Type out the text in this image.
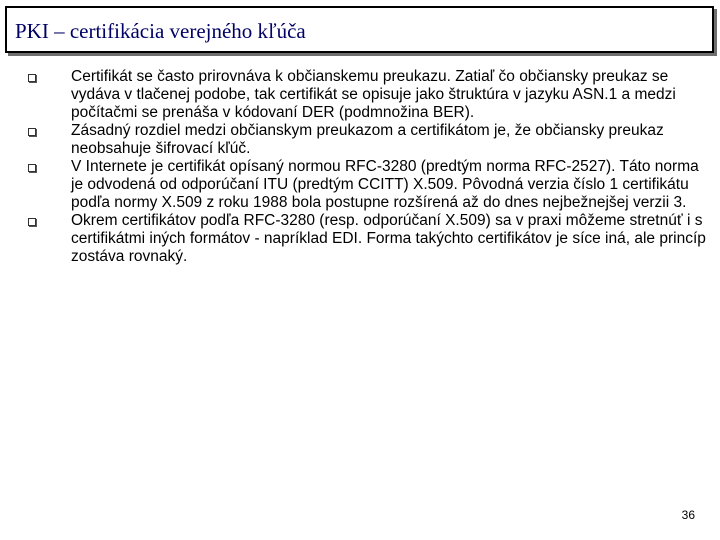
PKI – certifikácia verejného kľúča
Certifikát se často prirovnáva k občianskemu preukazu. Zatiaľ čo občiansky preukaz se vydáva v tlačenej podobe, tak certifikát se opisuje jako štruktúra v jazyku ASN.1 a medzi počítačmi se prenáša v kódovaní DER (podmnožina BER).
Zásadný rozdiel medzi občianskym preukazom a certifikátom je, že občiansky preukaz neobsahuje šifrovací kľúč.
V Internete je certifikát opísaný normou RFC-3280 (predtým norma RFC-2527). Táto norma je odvodená od odporúčaní ITU (predtým CCITT) X.509. Pôvodná verzia číslo 1 certifikátu podľa normy X.509 z roku 1988 bola postupne rozšírená až do dnes nejbežnejšej verzii 3.
Okrem certifikátov podľa RFC-3280 (resp. odporúčaní X.509) sa v praxi môžeme stretnúť i s certifikátmi iných formátov - napríklad EDI. Forma takýchto certifikátov je síce iná, ale princíp zostáva rovnaký.
36
